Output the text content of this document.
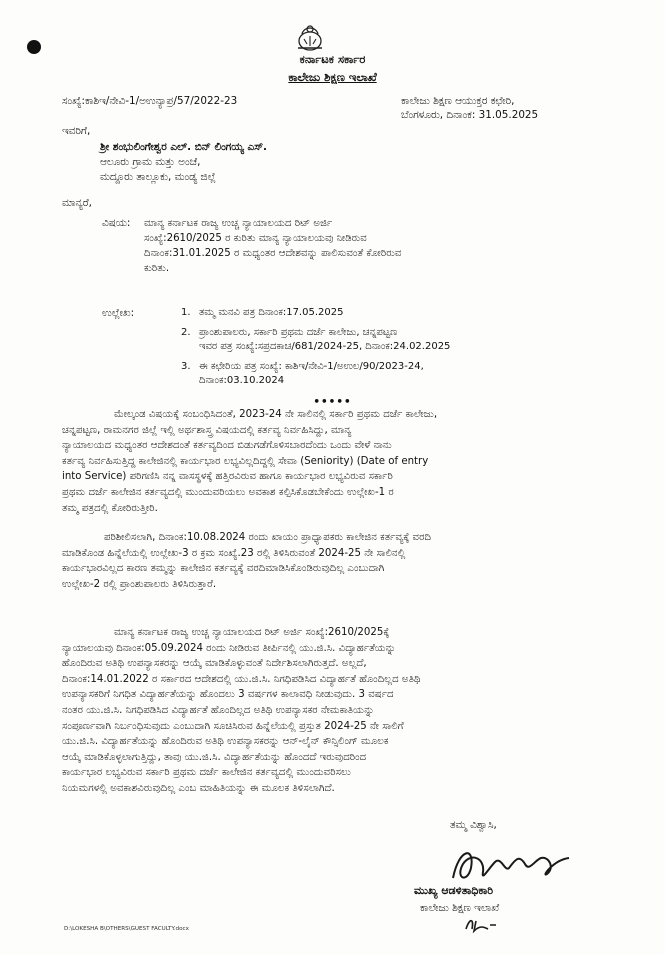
ಕರ್ನಾಟಕ ಸರ್ಕಾರ
ಕಾಲೇಜು ಶಿಕ್ಷಣ ಇಲಾಖೆ
ಸಂಖ್ಯೆ:ಕಾಶಿಇ/ನೇವಿ-1/ಅಉನ್ಯಾಪ್ರ/57/2022-23	ಕಾಲೇಜು ಶಿಕ್ಷಣ ಆಯುಕ್ತರ ಕಛೇರಿ,
ಬೆಂಗಳೂರು, ದಿನಾಂಕ: 31.05.2025
ಇವರಿಗೆ,
ಶ್ರೀ ಶಂಭುಲಿಂಗೇಶ್ವರ ಎಲ್. ಬಿನ್ ಲಿಂಗಯ್ಯ ಎಸ್.
ಆಲೂರು ಗ್ರಾಮ ಮತ್ತು ಅಂಚೆ,
ಮದ್ದೂರು ತಾಲ್ಲೂಕು, ಮಂಡ್ಯ ಜಿಲ್ಲೆ
ಮಾನ್ಯರೆ,
ವಿಷಯ: ಮಾನ್ಯ ಕರ್ನಾಟಕ ರಾಜ್ಯ ಉಚ್ಚ ನ್ಯಾಯಾಲಯದ ರಿಟ್ ಅರ್ಜಿ
ಸಂಖ್ಯೆ:2610/2025 ರ ಕುರಿತು ಮಾನ್ಯ ನ್ಯಾಯಾಲಯವು ನೀಡಿರುವ
ದಿನಾಂಕ:31.01.2025 ರ ಮಧ್ಯಂತರ ಆದೇಶವನ್ನು ಪಾಲಿಸುವಂತೆ ಕೋರಿರುವ
ಕುರಿತು.
ಉಲ್ಲೇಖ:	1. ತಮ್ಮ ಮನವಿ ಪತ್ರ ದಿನಾಂಕ:17.05.2025
2. ಪ್ರಾಂಶುಪಾಲರು, ಸರ್ಕಾರಿ ಪ್ರಥಮ ದರ್ಜೆ ಕಾಲೇಜು, ಚನ್ನಪಟ್ಟಣ
ಇವರ ಪತ್ರ ಸಂಖ್ಯೆ:ಸಪ್ರದಕಾಚ/681/2024-25, ದಿನಾಂಕ:24.02.2025
3. ಈ ಕಛೇರಿಯ ಪತ್ರ ಸಂಖ್ಯೆ: ಕಾಶಿಇ/ನೇವಿ-1/ಅಉಲ/90/2023-24,
ದಿನಾಂಕ:03.10.2024
•••••
ಮೇಲ್ಕಂಡ ವಿಷಯಕ್ಕೆ ಸಂಬಂಧಿಸಿದಂತೆ, 2023-24 ನೇ ಸಾಲಿನಲ್ಲಿ ಸರ್ಕಾರಿ ಪ್ರಥಮ ದರ್ಜೆ ಕಾಲೇಜು,
ಚನ್ನಪಟ್ಟಣ, ರಾಮನಗರ ಜಿಲ್ಲೆ ಇಲ್ಲಿ ಅರ್ಥಶಾಸ್ತ್ರ ವಿಷಯದಲ್ಲಿ ಕರ್ತವ್ಯ ನಿರ್ವಹಿಸಿದ್ದು, ಮಾನ್ಯ
ನ್ಯಾಯಾಲಯದ ಮಧ್ಯಂತರ ಆದೇಶದಂತೆ ಕರ್ತವ್ಯದಿಂದ ಬಿಡುಗಡೆಗೊಳಿಸಬಾರದೆಂದು ಒಂದು ವೇಳೆ ನಾನು
ಕರ್ತವ್ಯ ನಿರ್ವಹಿಸುತ್ತಿದ್ದ ಕಾಲೇಜಿನಲ್ಲಿ ಕಾರ್ಯಭಾರ ಲಭ್ಯವಿಲ್ಲದಿದ್ದಲ್ಲಿ ಸೇವಾ (Seniority) (Date of entry
into Service) ಪರಿಗಣಿಸಿ ನನ್ನ ವಾಸಸ್ಥಳಕ್ಕೆ ಹತ್ತಿರವಿರುವ ಹಾಗೂ ಕಾರ್ಯಭಾರ ಲಭ್ಯವಿರುವ ಸರ್ಕಾರಿ
ಪ್ರಥಮ ದರ್ಜೆ ಕಾಲೇಜಿನ ಕರ್ತವ್ಯದಲ್ಲಿ ಮುಂದುವರಿಯಲು ಅವಕಾಶ ಕಲ್ಪಿಸಿಕೊಡಬೇಕೆಂದು ಉಲ್ಲೇಖ-1 ರ
ತಮ್ಮ ಪತ್ರದಲ್ಲಿ ಕೋರಿರುತ್ತೀರಿ.
ಪರಿಶೀಲಿಸಲಾಗಿ, ದಿನಾಂಕ:10.08.2024 ರಂದು ಖಾಯಂ ಪ್ರಾಧ್ಯಾಪಕರು ಕಾಲೇಜಿನ ಕರ್ತವ್ಯಕ್ಕೆ ವರದಿ
ಮಾಡಿಕೊಂಡ ಹಿನ್ನೆಲೆಯಲ್ಲಿ ಉಲ್ಲೇಖ-3 ರ ಕ್ರಮ ಸಂಖ್ಯೆ.23 ರಲ್ಲಿ ತಿಳಿಸಿರುವಂತೆ 2024-25 ನೇ ಸಾಲಿನಲ್ಲಿ
ಕಾರ್ಯಭಾರವಿಲ್ಲದ ಕಾರಣ ತಮ್ಮನ್ನು ಕಾಲೇಜಿನ ಕರ್ತವ್ಯಕ್ಕೆ ವರದಿಮಾಡಿಸಿಕೊಂಡಿರುವುದಿಲ್ಲ ಎಂಬುದಾಗಿ
ಉಲ್ಲೇಖ-2 ರಲ್ಲಿ ಪ್ರಾಂಶುಪಾಲರು ತಿಳಿಸಿರುತ್ತಾರೆ.
ಮಾನ್ಯ ಕರ್ನಾಟಕ ರಾಜ್ಯ ಉಚ್ಚ ನ್ಯಾಯಾಲಯದ ರಿಟ್ ಅರ್ಜಿ ಸಂಖ್ಯೆ:2610/2025ಕ್ಕೆ
ನ್ಯಾಯಾಲಯವು ದಿನಾಂಕ:05.09.2024 ರಂದು ನೀಡಿರುವ ತೀರ್ಪಿನಲ್ಲಿ ಯು.ಜಿ.ಸಿ. ವಿದ್ಯಾರ್ಹತೆಯನ್ನು
ಹೊಂದಿರುವ ಅತಿಥಿ ಉಪನ್ಯಾಸಕರನ್ನು ಆಯ್ಕೆ ಮಾಡಿಕೊಳ್ಳುವಂತೆ ನಿರ್ದೇಶಿಸಲಾಗಿರುತ್ತದೆ. ಅಲ್ಲದೆ,
ದಿನಾಂಕ:14.01.2022 ರ ಸರ್ಕಾರದ ಆದೇಶದಲ್ಲಿ ಯು.ಜಿ.ಸಿ. ನಿಗಧಿಪಡಿಸಿದ ವಿದ್ಯಾರ್ಹತೆ ಹೊಂದಿಲ್ಲದ ಅತಿಥಿ
ಉಪನ್ಯಾಸಕರಿಗೆ ನಿಗಧಿತ ವಿದ್ಯಾರ್ಹತೆಯನ್ನು ಹೊಂದಲು 3 ವರ್ಷಗಳ ಕಾಲಾವಧಿ ನೀಡುವುದು. 3 ವರ್ಷದ
ನಂತರ ಯು.ಜಿ.ಸಿ. ನಿಗಧಿಪಡಿಸಿದ ವಿದ್ಯಾರ್ಹತೆ ಹೊಂದಿಲ್ಲದ ಅತಿಥಿ ಉಪನ್ಯಾಸಕರ ನೇಮಕಾತಿಯನ್ನು
ಸಂಪೂರ್ಣವಾಗಿ ನಿರ್ಬಂಧಿಸುವುದು ಎಂಬುದಾಗಿ ಸೂಚಿಸಿರುವ ಹಿನ್ನೆಲೆಯಲ್ಲಿ ಪ್ರಸ್ತುತ 2024-25 ನೇ ಸಾಲಿಗೆ
ಯು.ಜಿ.ಸಿ. ವಿದ್ಯಾರ್ಹತೆಯನ್ನು ಹೊಂದಿರುವ ಅತಿಥಿ ಉಪನ್ಯಾಸಕರನ್ನು ಆನ್-ಲೈನ್ ಕೌನ್ಸಿಲಿಂಗ್ ಮೂಲಕ
ಆಯ್ಕೆ ಮಾಡಿಕೊಳ್ಳಲಾಗುತ್ತಿದ್ದು, ತಾವು ಯು.ಜಿ.ಸಿ. ವಿದ್ಯಾರ್ಹತೆಯನ್ನು ಹೊಂದದೆ ಇರುವುದರಿಂದ
ಕಾರ್ಯಭಾರ ಲಭ್ಯವಿರುವ ಸರ್ಕಾರಿ ಪ್ರಥಮ ದರ್ಜೆ ಕಾಲೇಜಿನ ಕರ್ತವ್ಯದಲ್ಲಿ ಮುಂದುವರಿಸಲು
ನಿಯಮಗಳಲ್ಲಿ ಅವಕಾಶವಿರುವುದಿಲ್ಲ ಎಂಬ ಮಾಹಿತಿಯನ್ನು ಈ ಮೂಲಕ ತಿಳಿಸಲಾಗಿದೆ.
ತಮ್ಮ ವಿಶ್ವಾಸಿ,
ಮುಖ್ಯ ಆಡಳಿತಾಧಿಕಾರಿ
ಕಾಲೇಜು ಶಿಕ್ಷಣ ಇಲಾಖೆ
D:\LOKESHA B\OTHERS\GUEST FACULTY.docx
